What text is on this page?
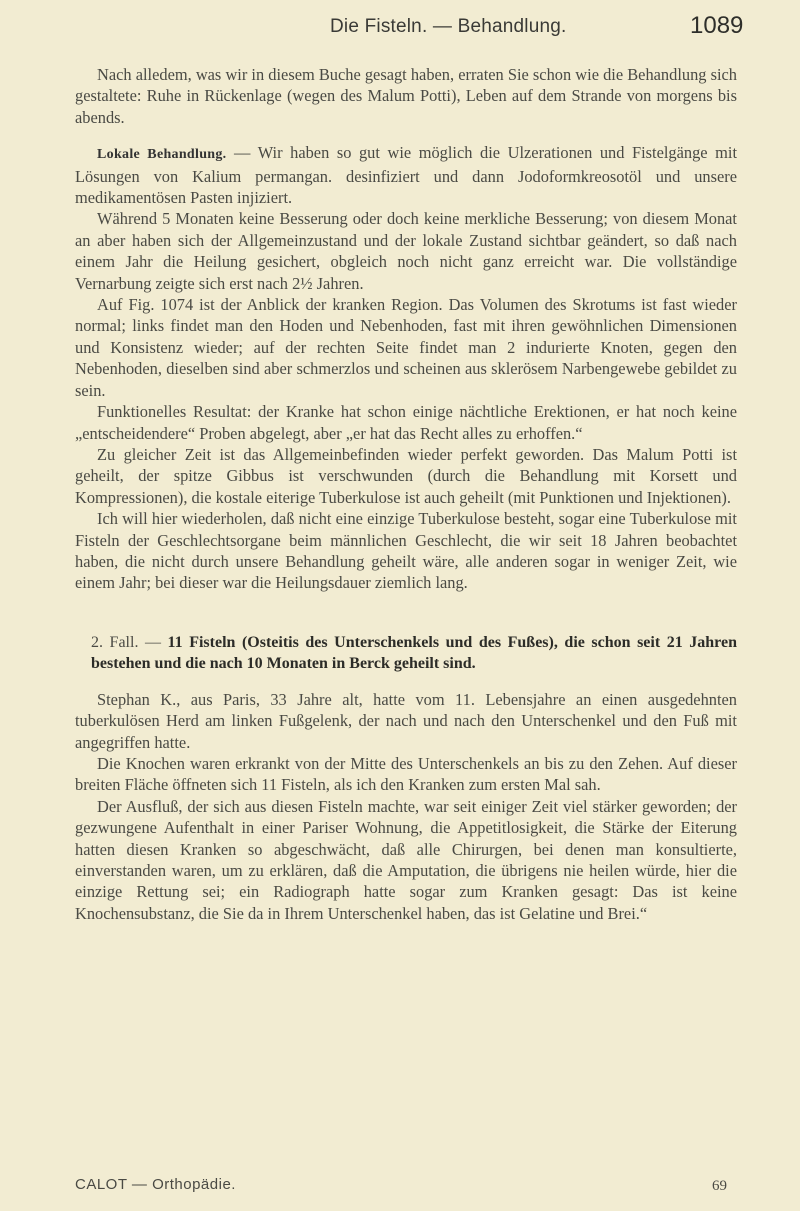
Die Fisteln. — Behandlung.	1089

Nach alledem, was wir in diesem Buche gesagt haben, erraten Sie schon wie die Behandlung sich gestaltete: Ruhe in Rückenlage (wegen des Malum Potti), Leben auf dem Strande von morgens bis abends.

Lokale Behandlung. — Wir haben so gut wie möglich die Ulzerationen und Fistelgänge mit Lösungen von Kalium permangan. desinfiziert und dann Jodoformkreosotöl und unsere medikamentösen Pasten injiziert.

Während 5 Monaten keine Besserung oder doch keine merkliche Besserung; von diesem Monat an aber haben sich der Allgemeinzustand und der lokale Zustand sichtbar geändert, so daß nach einem Jahr die Heilung gesichert, obgleich noch nicht ganz erreicht war. Die vollständige Vernarbung zeigte sich erst nach 2½ Jahren.

Auf Fig. 1074 ist der Anblick der kranken Region. Das Volumen des Skrotums ist fast wieder normal; links findet man den Hoden und Nebenhoden, fast mit ihren gewöhnlichen Dimensionen und Konsistenz wieder; auf der rechten Seite findet man 2 indurierte Knoten, gegen den Nebenhoden, dieselben sind aber schmerzlos und scheinen aus sklerösem Narbengewebe gebildet zu sein.

Funktionelles Resultat: der Kranke hat schon einige nächtliche Erektionen, er hat noch keine „entscheidendere“ Proben abgelegt, aber „er hat das Recht alles zu erhoffen.“

Zu gleicher Zeit ist das Allgemeinbefinden wieder perfekt geworden. Das Malum Potti ist geheilt, der spitze Gibbus ist verschwunden (durch die Behandlung mit Korsett und Kompressionen), die kostale eiterige Tuberkulose ist auch geheilt (mit Punktionen und Injektionen).

Ich will hier wiederholen, daß nicht eine einzige Tuberkulose besteht, sogar eine Tuberkulose mit Fisteln der Geschlechtsorgane beim männlichen Geschlecht, die wir seit 18 Jahren beobachtet haben, die nicht durch unsere Behandlung geheilt wäre, alle anderen sogar in weniger Zeit, wie einem Jahr; bei dieser war die Heilungsdauer ziemlich lang.

2. Fall. — 11 Fisteln (Osteitis des Unterschenkels und des Fußes), die schon seit 21 Jahren bestehen und die nach 10 Monaten in Berck geheilt sind.

Stephan K., aus Paris, 33 Jahre alt, hatte vom 11. Lebensjahre an einen ausgedehnten tuberkulösen Herd am linken Fußgelenk, der nach und nach den Unterschenkel und den Fuß mit angegriffen hatte.

Die Knochen waren erkrankt von der Mitte des Unterschenkels an bis zu den Zehen. Auf dieser breiten Fläche öffneten sich 11 Fisteln, als ich den Kranken zum ersten Mal sah.

Der Ausfluß, der sich aus diesen Fisteln machte, war seit einiger Zeit viel stärker geworden; der gezwungene Aufenthalt in einer Pariser Wohnung, die Appetitlosigkeit, die Stärke der Eiterung hatten diesen Kranken so abgeschwächt, daß alle Chirurgen, bei denen man konsultierte, einverstanden waren, um zu erklären, daß die Amputation, die übrigens nie heilen würde, hier die einzige Rettung sei; ein Radiograph hatte sogar zum Kranken gesagt: Das ist keine Knochensubstanz, die Sie da in Ihrem Unterschenkel haben, das ist Gelatine und Brei.“

CALOT — Orthopädie.	69
